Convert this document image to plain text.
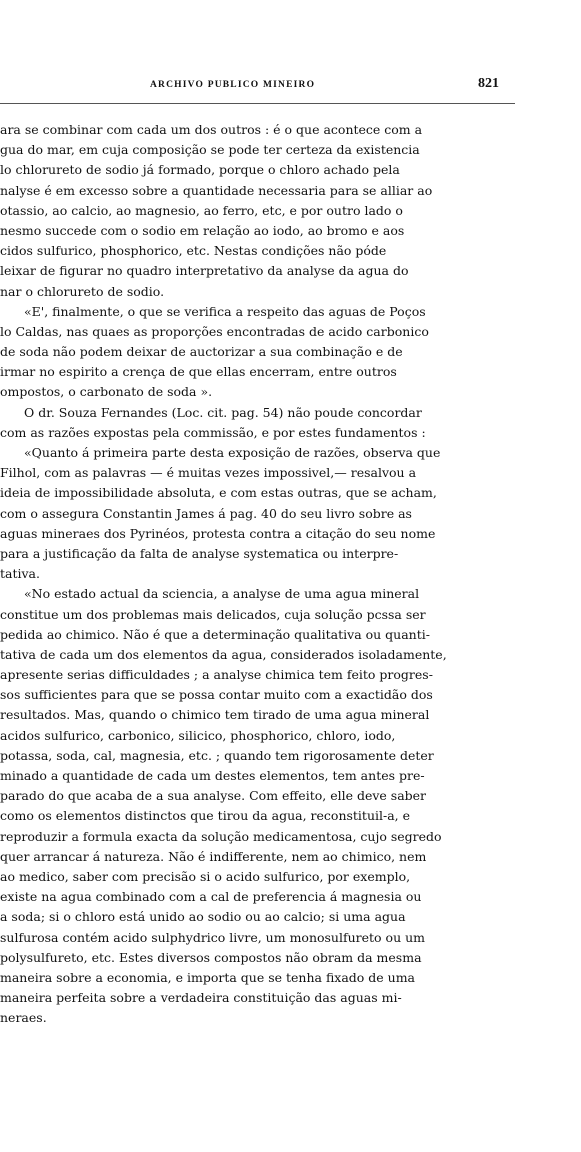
ARCHIVO PUBLICO MINEIRO	821
ara se combinar com cada um dos outros : é o que acontece com a
gua do mar, em cuja composição se pode ter certeza da existencia
lo chlorureto de sodio já formado, porque o chloro achado pela
nalyse é em excesso sobre a quantidade necessaria para se alliar ao
otassio, ao calcio, ao magnesio, ao ferro, etc, e por outro lado o
nesmo succede com o sodio em relação ao iodo, ao bromo e aos
cidos sulfurico, phosphorico, etc. Nestas condições não póde
leixar de figurar no quadro interpretativo da analyse da agua do
nar o chlorureto de sodio.
«E', finalmente, o que se verifica a respeito das aguas de Poços
lo Caldas, nas quaes as proporções encontradas de acido carbonico
de soda não podem deixar de auctorizar a sua combinação e de
irmar no espirito a crença de que ellas encerram, entre outros
ompostos, o carbonato de soda ».
O dr. Souza Fernandes (Loc. cit. pag. 54) não poude concordar
com as razões expostas pela commissão, e por estes fundamentos :
«Quanto á primeira parte desta exposição de razões, observa que
Filhol, com as palavras — é muitas vezes impossivel,— resalvou a
ideia de impossibilidade absoluta, e com estas outras, que se acham,
com o assegura Constantin James á pag. 40 do seu livro sobre as
aguas mineraes dos Pyrinéos, protesta contra a citação do seu nome
para a justificação da falta de analyse systematica ou interpre-
tativa.
«No estado actual da sciencia, a analyse de uma agua mineral
constitue um dos problemas mais delicados, cuja solução pcssa ser
pedida ao chimico. Não é que a determinação qualitativa ou quanti-
tativa de cada um dos elementos da agua, considerados isoladamente,
apresente serias difficuldades ; a analyse chimica tem feito progres-
sos sufficientes para que se possa contar muito com a exactidão dos
resultados. Mas, quando o chimico tem tirado de uma agua mineral
acidos sulfurico, carbonico, silicico, phosphorico, chloro, iodo,
potassa, soda, cal, magnesia, etc. ; quando tem rigorosamente deter
minado a quantidade de cada um destes elementos, tem antes pre-
parado do que acaba de a sua analyse. Com effeito, elle deve saber
como os elementos distinctos que tirou da agua, reconstituil-a, e
reproduzir a formula exacta da solução medicamentosa, cujo segredo
quer arrancar á natureza. Não é indifferente, nem ao chimico, nem
ao medico, saber com precisão si o acido sulfurico, por exemplo,
existe na agua combinado com a cal de preferencia á magnesia ou
a soda; si o chloro está unido ao sodio ou ao calcio; si uma agua
sulfurosa contém acido sulphydrico livre, um monosulfureto ou um
polysulfureto, etc. Estes diversos compostos não obram da mesma
maneira sobre a economia, e importa que se tenha fixado de uma
maneira perfeita sobre a verdadeira constituição das aguas mi-
neraes.
